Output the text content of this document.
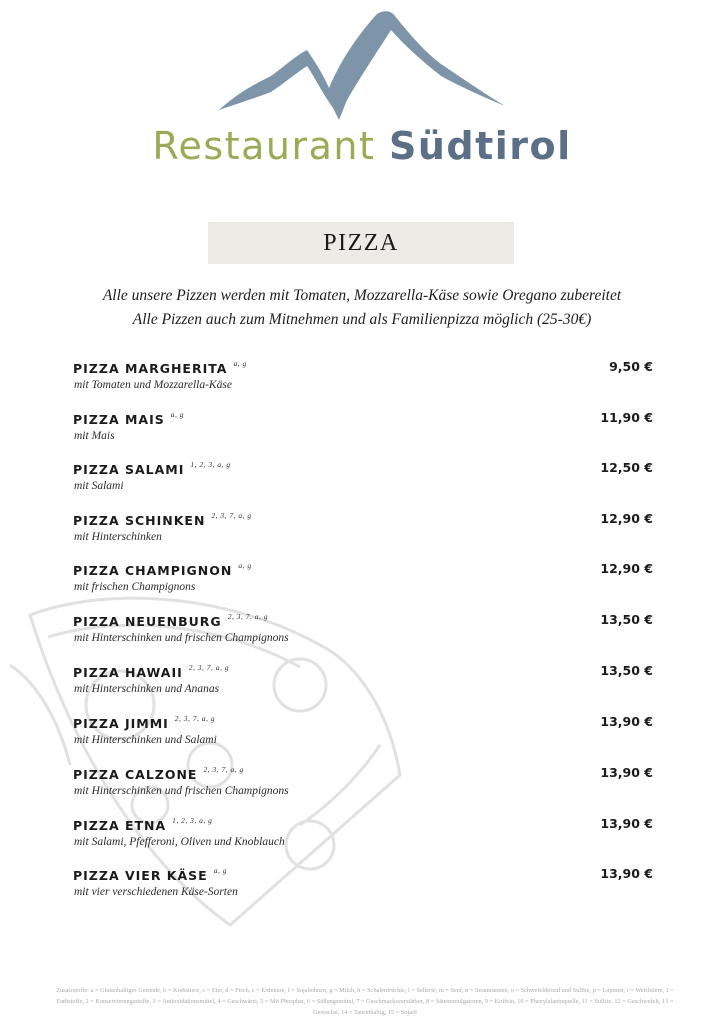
Restaurant Südtirol
PIZZA
Alle unsere Pizzen werden mit Tomaten, Mozzarella-Käse sowie Oregano zubereitet
Alle Pizzen auch zum Mitnehmen und als Familienpizza möglich (25-30€)
PIZZA MARGHERITA $^{a, g}$
mit Tomaten und Mozzarella-Käse
9,50 €
PIZZA MAIS $^{a, g}$
mit Mais
11,90 €
PIZZA SALAMI $^{1, 2, 3, a, g}$
mit Salami
12,50 €
PIZZA SCHINKEN $^{2, 3, 7, a, g}$
mit Hinterschinken
12,90 €
PIZZA CHAMPIGNON $^{a, g}$
mit frischen Champignons
12,90 €
PIZZA NEUENBURG $^{2, 3, 7, a, g}$
mit Hinterschinken und frischen Champignons
13,50 €
PIZZA HAWAII $^{2, 3, 7, a, g}$
mit Hinterschinken und Ananas
13,50 €
PIZZA JIMMI $^{2, 3, 7, a, g}$
mit Hinterschinken und Salami
13,90 €
PIZZA CALZONE $^{2, 3, 7, a, g}$
mit Hinterschinken und frischen Champignons
13,90 €
PIZZA ETNA $^{1, 2, 3, a, g}$
mit Salami, Pfefferoni, Oliven und Knoblauch
13,90 €
PIZZA VIER KÄSE $^{a, g}$
mit vier verschiedenen Käse-Sorten
13,90 €
Zusatzstoffe: a = Glutenhaltiges Getreide, b = Krebstiere, c = Eier, d = Fisch, e = Erdnüsse, f = Sojabohnen, g = Milch, h = Schalenfrüchte, l = Sellerie, m = Senf, n = Sesamsamen, o = Schwefeldioxid und Sulfite, p = Lupinen, r = Weichtiere, 1 = Farbstoffe, 2 = Konservierungsstoffe, 3 = Antioxidationsmittel, 4 = Geschwärzt, 5 = Mit Phosphat, 6 = Süßungsmittel, 7 = Geschmacksverstärker, 8 = Säureemulgatoren, 9 = Koffein, 10 = Phenylalaninquelle, 11 = Sulfite, 12 = Geschwefelt, 13 = Gewachst, 14 = Taurinhaltig, 15 = Sojaöl
